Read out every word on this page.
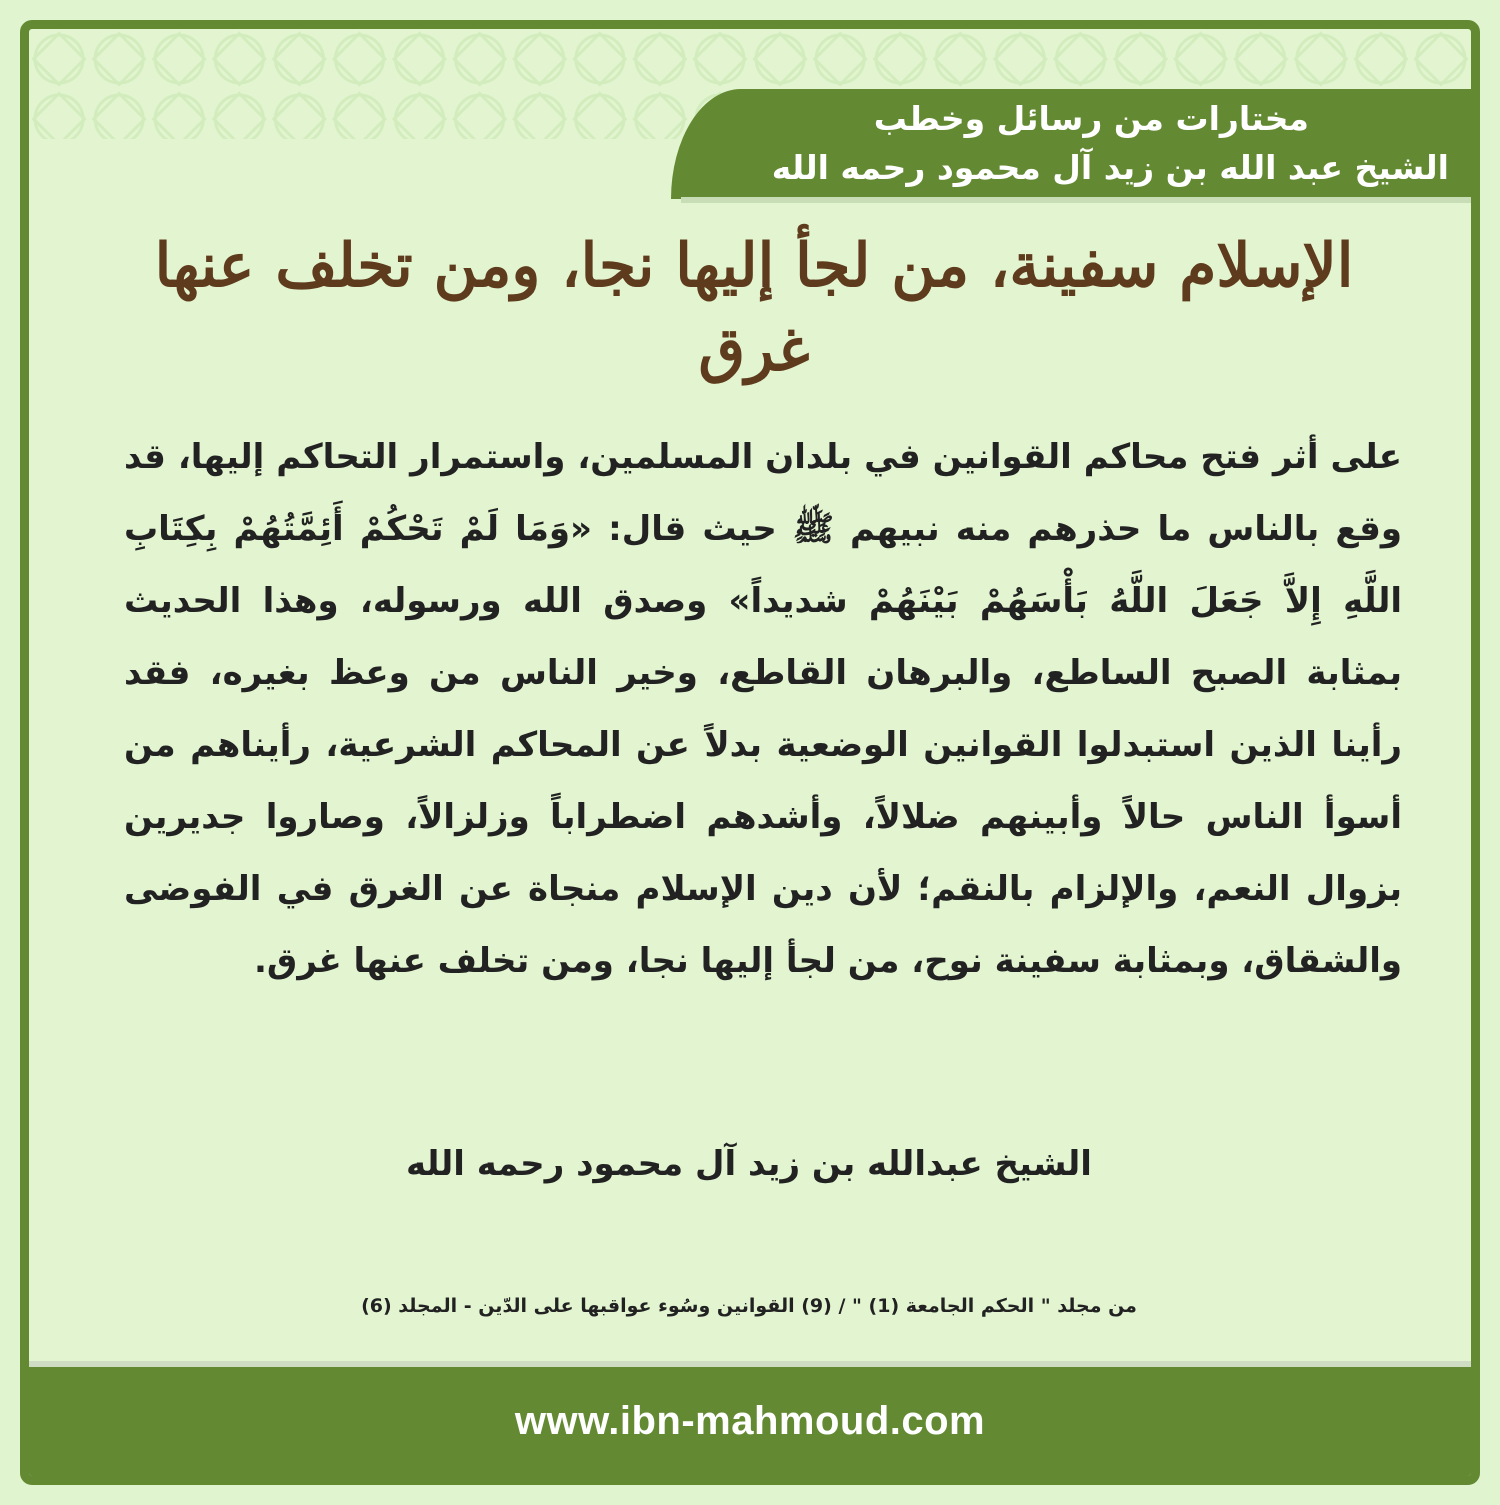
مختارات من رسائل وخطب
الشيخ عبد الله بن زيد آل محمود رحمه الله
الإسلام سفينة، من لجأ إليها نجا، ومن تخلف عنها غرق
على أثر فتح محاكم القوانين في بلدان المسلمين، واستمرار التحاكم إليها، قد وقع بالناس ما حذرهم منه نبيهم ﷺ حيث قال: «وَمَا لَمْ تَحْكُمْ أَئِمَّتُهُمْ بِكِتَابِ اللَّهِ إِلاَّ جَعَلَ اللَّهُ بَأْسَهُمْ بَيْنَهُمْ شديداً» وصدق الله ورسوله، وهذا الحديث بمثابة الصبح الساطع، والبرهان القاطع، وخير الناس من وعظ بغيره، فقد رأينا الذين استبدلوا القوانين الوضعية بدلاً عن المحاكم الشرعية، رأيناهم من أسوأ الناس حالاً وأبينهم ضلالاً، وأشدهم اضطراباً وزلزالاً، وصاروا جديرين بزوال النعم، والإلزام بالنقم؛ لأن دين الإسلام منجاة عن الغرق في الفوضى والشقاق، وبمثابة سفينة نوح، من لجأ إليها نجا، ومن تخلف عنها غرق.
الشيخ عبدالله بن زيد آل محمود رحمه الله
من مجلد " الحكم الجامعة (1) " / (9) القوانين وسُوء عواقبها على الدّين - المجلد (6)
www.ibn-mahmoud.com
